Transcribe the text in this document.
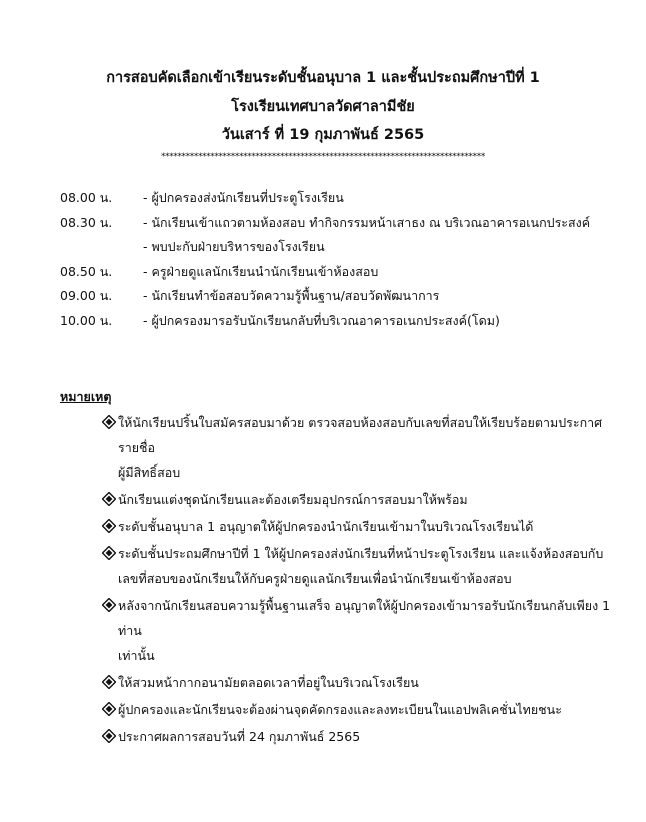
การสอบคัดเลือกเข้าเรียนระดับชั้นอนุบาล 1 และชั้นประถมศึกษาปีที่ 1
โรงเรียนเทศบาลวัดศาลามีชัย
วันเสาร์ ที่ 19 กุมภาพันธ์ 2565
*******************************************************************************
08.00 น. - ผู้ปกครองส่งนักเรียนที่ประตูโรงเรียน
08.30 น. - นักเรียนเข้าแถวตามห้องสอบ ทำกิจกรรมหน้าเสาธง ณ บริเวณอาคารอเนกประสงค์
- พบปะกับฝ่ายบริหารของโรงเรียน
08.50 น. - ครูฝ่ายดูแลนักเรียนนำนักเรียนเข้าห้องสอบ
09.00 น. - นักเรียนทำข้อสอบวัดความรู้พื้นฐาน/สอบวัดพัฒนาการ
10.00 น. - ผู้ปกครองมารอรับนักเรียนกลับที่บริเวณอาคารอเนกประสงค์(โดม)
หมายเหตุ
ให้นักเรียนปริ้นใบสมัครสอบมาด้วย ตรวจสอบห้องสอบกับเลขที่สอบให้เรียบร้อยตามประกาศรายชื่อ
ผู้มีสิทธิ์สอบ
นักเรียนแต่งชุดนักเรียนและต้องเตรียมอุปกรณ์การสอบมาให้พร้อม
ระดับชั้นอนุบาล 1 อนุญาตให้ผู้ปกครองนำนักเรียนเข้ามาในบริเวณโรงเรียนได้
ระดับชั้นประถมศึกษาปีที่ 1 ให้ผู้ปกครองส่งนักเรียนที่หน้าประตูโรงเรียน และแจ้งห้องสอบกับ
เลขที่สอบของนักเรียนให้กับครูฝ่ายดูแลนักเรียนเพื่อนำนักเรียนเข้าห้องสอบ
หลังจากนักเรียนสอบความรู้พื้นฐานเสร็จ อนุญาตให้ผู้ปกครองเข้ามารอรับนักเรียนกลับเพียง 1 ท่าน
เท่านั้น
ให้สวมหน้ากากอนามัยตลอดเวลาที่อยู่ในบริเวณโรงเรียน
ผู้ปกครองและนักเรียนจะต้องผ่านจุดคัดกรองและลงทะเบียนในแอปพลิเคชั่นไทยชนะ
ประกาศผลการสอบวันที่ 24 กุมภาพันธ์ 2565
